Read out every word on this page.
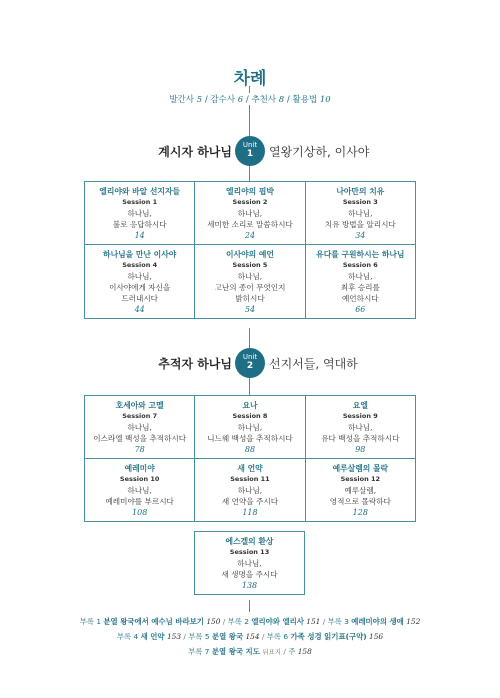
차례
발간사 5 / 감수사 6 / 추천사 8 / 활용법 10
계시자 하나님	Unit
1	열왕기상하, 이사야
엘리야와 바알 선지자들
Session 1
하나님,
불로 응답하시다
14
엘리야의 핍박
Session 2
하나님,
세미한 소리로 말씀하시다
24
나아만의 치유
Session 3
하나님,
치유 방법을 알리시다
34
하나님을 만난 이사야
Session 4
하나님,
이사야에게 자신을
드러내시다
44
이사야의 예언
Session 5
하나님,
고난의 종이 무엇인지
밝히시다
54
유다를 구원하시는 하나님
Session 6
하나님,
최후 승리를
예언하시다
66
추적자 하나님	Unit
2	선지서들, 역대하
호세아와 고멜
Session 7
하나님,
이스라엘 백성을 추적하시다
78
요나
Session 8
하나님,
니느웨 백성을 추적하시다
88
요엘
Session 9
하나님,
유다 백성을 추적하시다
98
예레미야
Session 10
하나님,
예레미야를 부르시다
108
새 언약
Session 11
하나님,
새 언약을 주시다
118
예루살렘의 몰락
Session 12
예루살렘,
영적으로 몰락하다
128
에스겔의 환상
Session 13
하나님,
새 생명을 주시다
138
부록 1 분열 왕국에서 예수님 바라보기 150 / 부록 2 엘리야와 엘리사 151 / 부록 3 예레미야의 생애 152
부록 4 새 언약 153 / 부록 5 분열 왕국 154 / 부록 6 가족 성경 읽기표(구약) 156
부록 7 분열 왕국 지도 뒤표지 / 주 158
